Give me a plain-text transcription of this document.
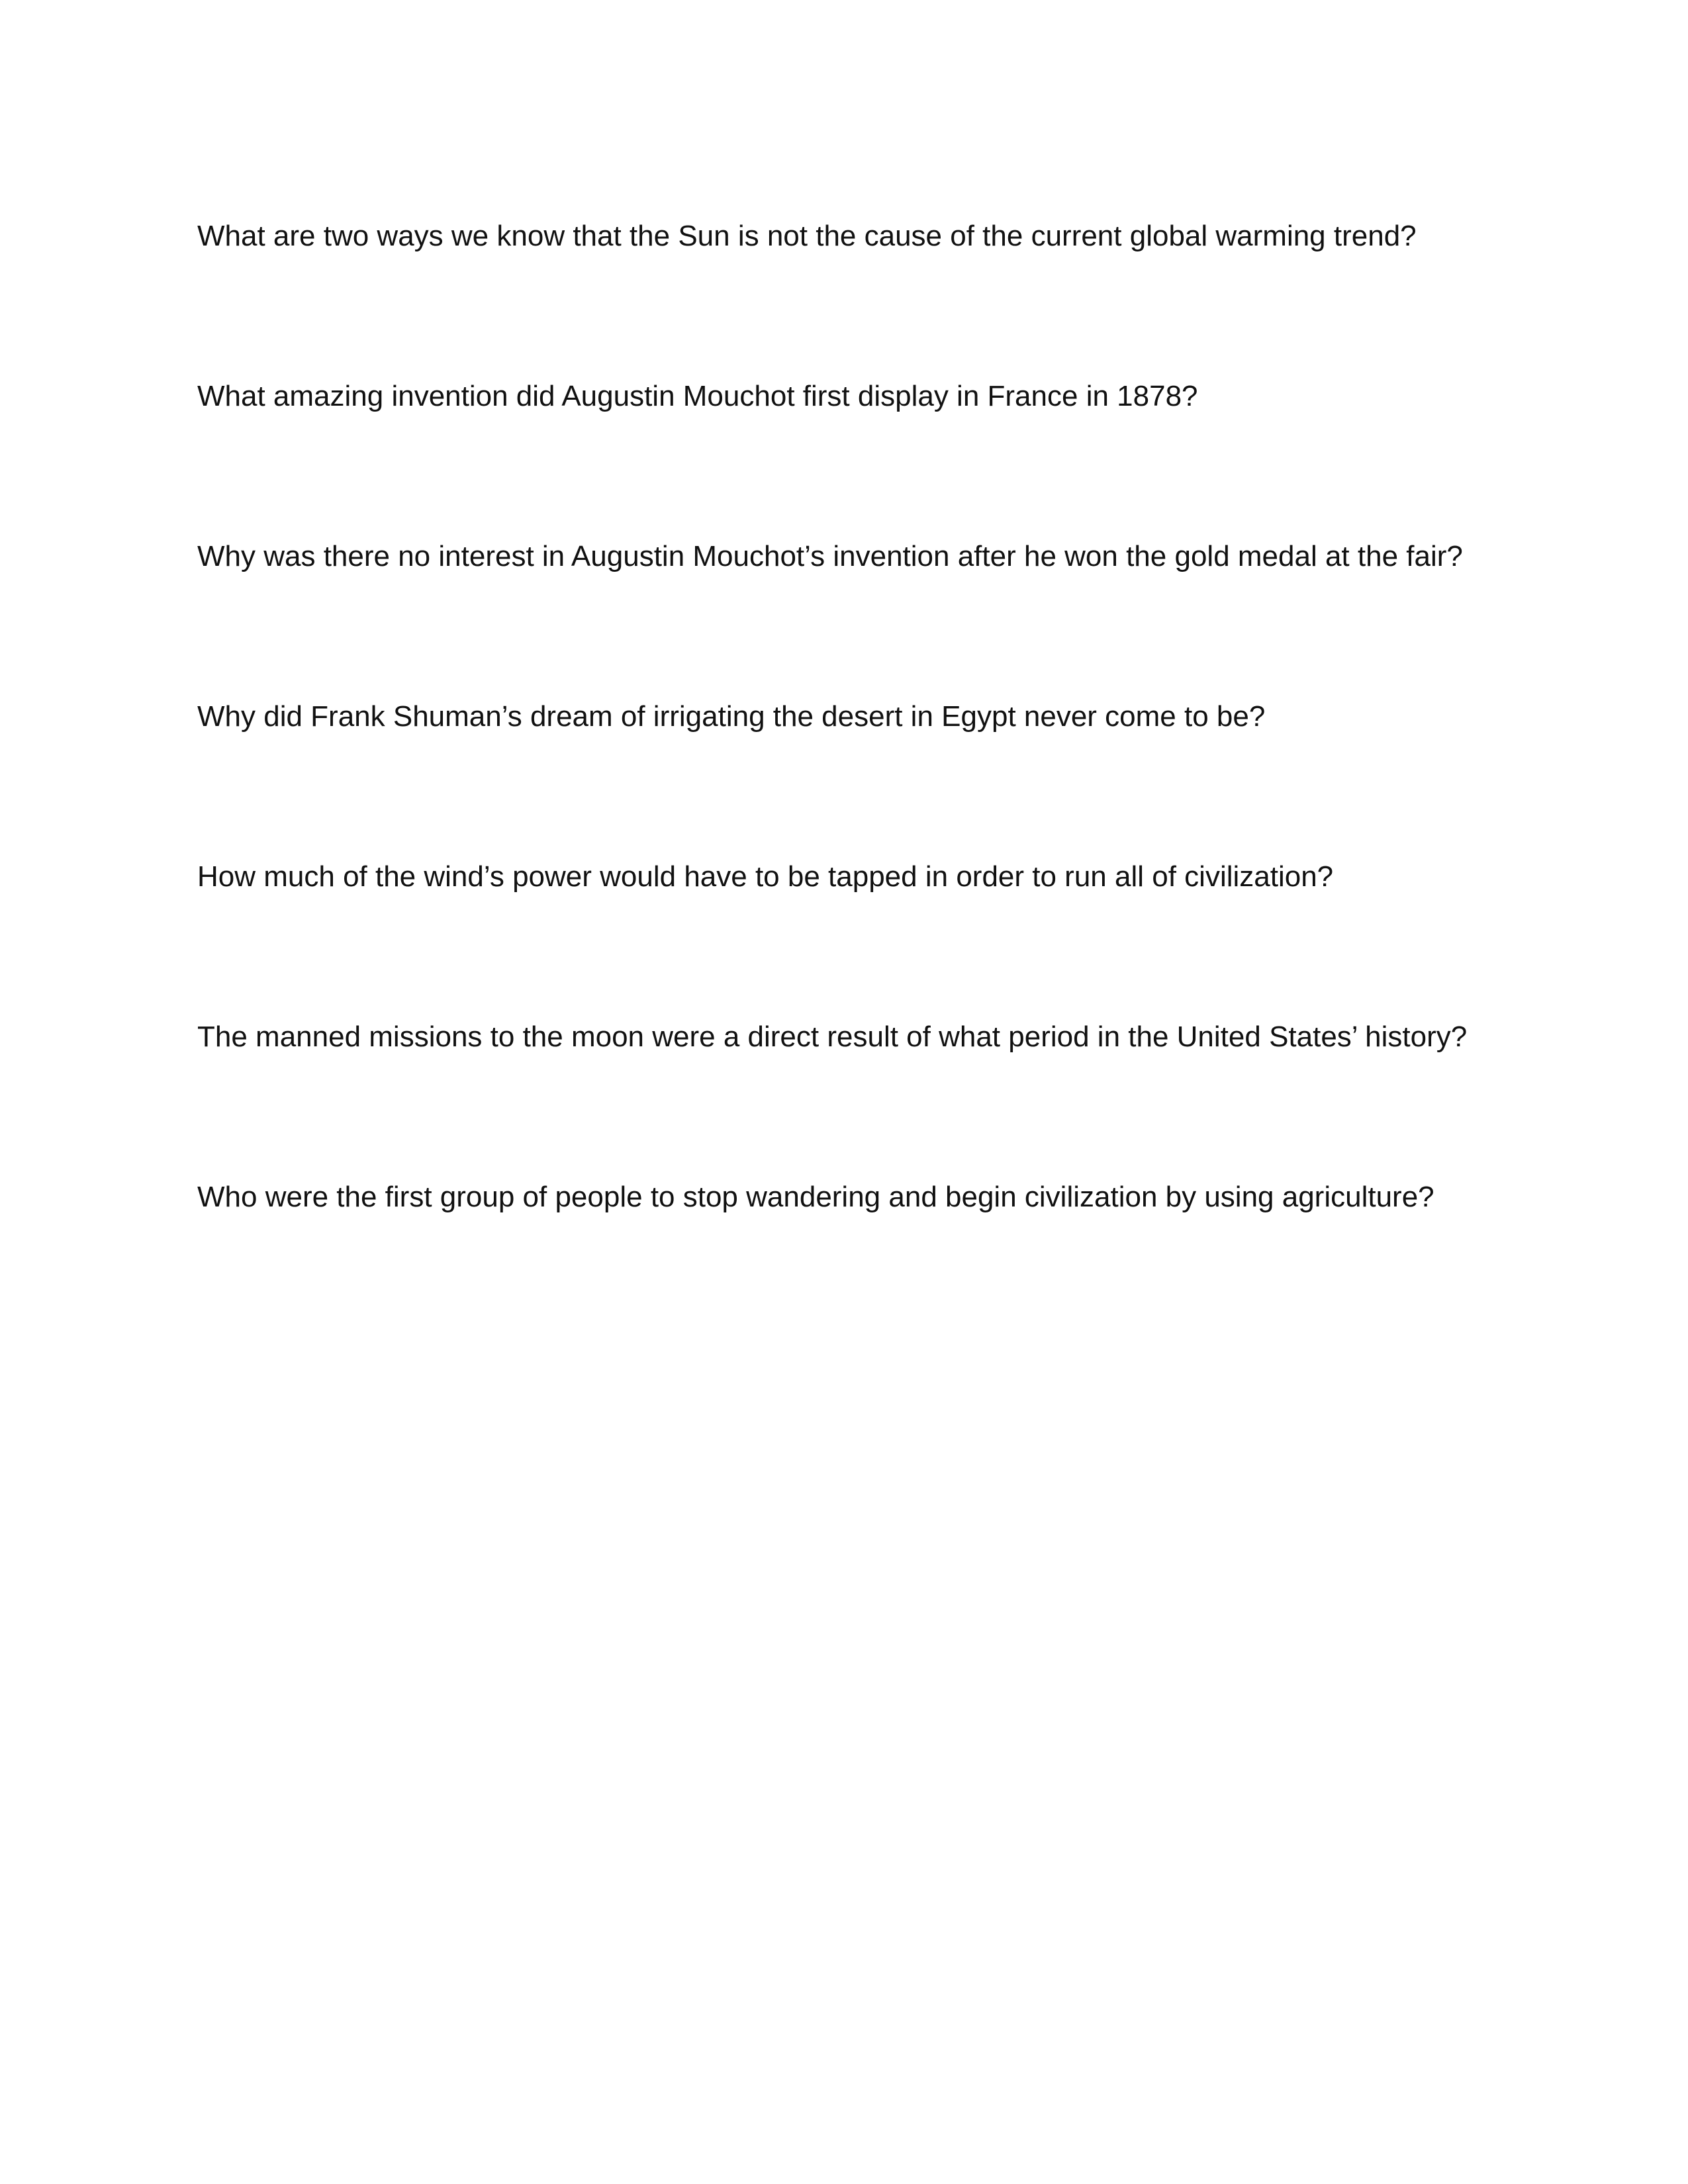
What are two ways we know that the Sun is not the cause of the current global warming trend?
What amazing invention did Augustin Mouchot first display in France in 1878?
Why was there no interest in Augustin Mouchot’s invention after he won the gold medal at the fair?
Why did Frank Shuman’s dream of irrigating the desert in Egypt never come to be?
How much of the wind’s power would have to be tapped in order to run all of civilization?
The manned missions to the moon were a direct result of what period in the United States’ history?
Who were the first group of people to stop wandering and begin civilization by using agriculture?
